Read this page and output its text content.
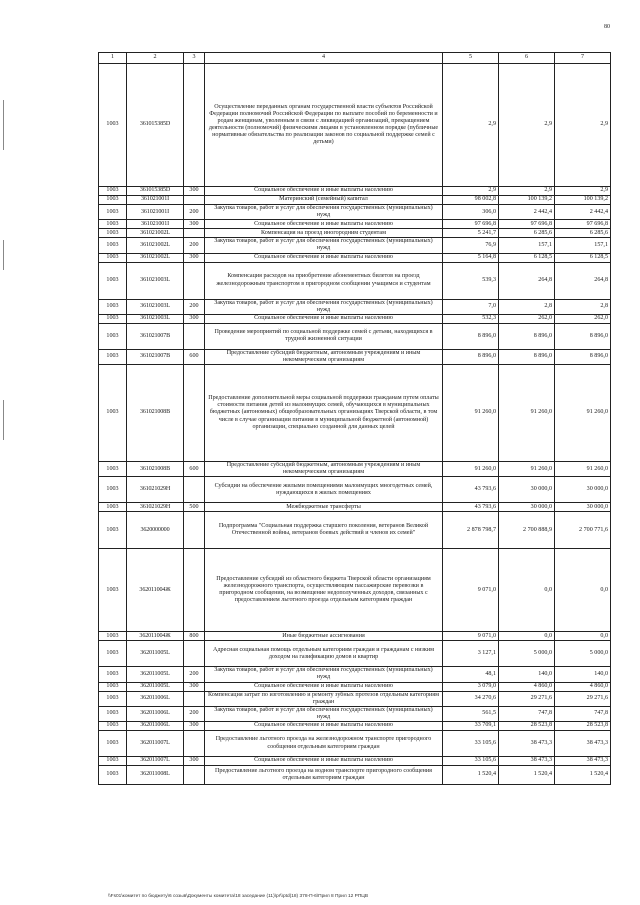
80
1	2	3	4	5	6	7
1003	361015385D		Осуществление переданных органам государственной власти субъектов Российской Федерации полномочий Российской Федерации по выплате пособий по беременности и родам женщинам, уволенным в связи с ликвидацией организаций, прекращением деятельности (полномочий) физическими лицами в установленном порядке (публичные нормативные обязательства по реализации законов по социальной поддержке семей с детьми)	2,9	2,9	2,9
1003	361015385D	300	Социальное обеспечение и иные выплаты населению	2,9	2,9	2,9
1003	361021001I		Материнский (семейный) капитал	98 002,8	100 139,2	100 139,2
1003	361021001I	200	Закупка товаров, работ и услуг для обеспечения государственных (муниципальных) нужд	306,0	2 442,4	2 442,4
1003	361021001I	300	Социальное обеспечение и иные выплаты населению	97 696,8	97 696,8	97 696,8
1003	361021002L		Компенсация на проезд иногородним студентам	5 241,7	6 285,6	6 285,6
1003	361021002L	200	Закупка товаров, работ и услуг для обеспечения государственных (муниципальных) нужд	76,9	157,1	157,1
1003	361021002L	300	Социальное обеспечение и иные выплаты населению	5 164,8	6 128,5	6 128,5
1003	361021003L		Компенсация расходов на приобретение абонементных билетов на проезд железнодорожным транспортом в пригородном сообщении учащимся и студентам	539,3	264,8	264,8
1003	361021003L	200	Закупка товаров, работ и услуг для обеспечения государственных (муниципальных) нужд	7,0	2,8	2,8
1003	361021003L	300	Социальное обеспечение и иные выплаты населению	532,3	262,0	262,0
1003	361021007B		Проведение мероприятий по социальной поддержке семей с детьми, находящихся в трудной жизненной ситуации	8 896,0	8 896,0	8 896,0
1003	361021007B	600	Предоставление субсидий бюджетным, автономным учреждениям и иным некоммерческим организациям	8 896,0	8 896,0	8 896,0
1003	361021008B		Предоставление дополнительной меры социальной поддержки гражданам путем оплаты стоимости питания детей из малоимущих семей, обучающихся в муниципальных бюджетных (автономных) общеобразовательных организациях Тверской области, в том числе в случае организации питания в муниципальной бюджетной (автономной) организации, специально созданной для данных целей	91 260,0	91 260,0	91 260,0
1003	361021008B	600	Предоставление субсидий бюджетным, автономным учреждениям и иным некоммерческим организациям	91 260,0	91 260,0	91 260,0
1003	361021029H		Субсидии на обеспечение жилыми помещениями малоимущих многодетных семей, нуждающихся в жилых помещениях	43 793,6	30 000,0	30 000,0
1003	361021029H	500	Межбюджетные трансферты	43 793,6	30 000,0	30 000,0
1003	3620000000		Подпрограмма "Социальная поддержка старшего поколения, ветеранов Великой Отечественной войны, ветеранов боевых действий и членов их семей"	2 878 798,7	2 700 888,9	2 700 771,6
1003	362011004Ж		Предоставление субсидий из областного бюджета Тверской области организациям железнодорожного транспорта, осуществляющим пассажирские перевозки в пригородном сообщении, на возмещение недополученных доходов, связанных с предоставлением льготного проезда отдельным категориям граждан	9 071,0	0,0	0,0
1003	362011004Ж	800	Иные бюджетные ассигнования	9 071,0	0,0	0,0
1003	362011005L		Адресная социальная помощь отдельным категориям граждан и гражданам с низким доходом на газификацию домов и квартир	3 127,1	5 000,0	5 000,0
1003	362011005L	200	Закупка товаров, работ и услуг для обеспечения государственных (муниципальных) нужд	48,1	140,0	140,0
1003	362011005L	300	Социальное обеспечение и иные выплаты населению	3 079,0	4 860,0	4 860,0
1003	362011006L		Компенсация затрат по изготовлению и ремонту зубных протезов отдельным категориям граждан	34 270,6	29 271,6	29 271,6
1003	362011006L	200	Закупка товаров, работ и услуг для обеспечения государственных (муниципальных) нужд	561,5	747,8	747,8
1003	362011006L	300	Социальное обеспечение и иные выплаты населению	33 709,1	28 523,8	28 523,8
1003	362011007L		Предоставление льготного проезда на железнодорожном транспорте пригородного сообщения отдельным категориям граждан	33 105,6	38 473,3	38 473,3
1003	362011007L	300	Социальное обеспечение и иные выплаты населению	33 105,6	38 473,3	38 473,3
1003	362011008L		Предоставление льготного проезда на водном транспорте пригородного сообщения отдельным категориям граждан	1 520,4	1 520,4	1 520,4
\\Fs01\комитет по бюджету\6 созыв\Документы комитета\18 заседание (11)\pr\\ptd(18) 378-П-6\Прил 8 Прил 12 РПЦВ
